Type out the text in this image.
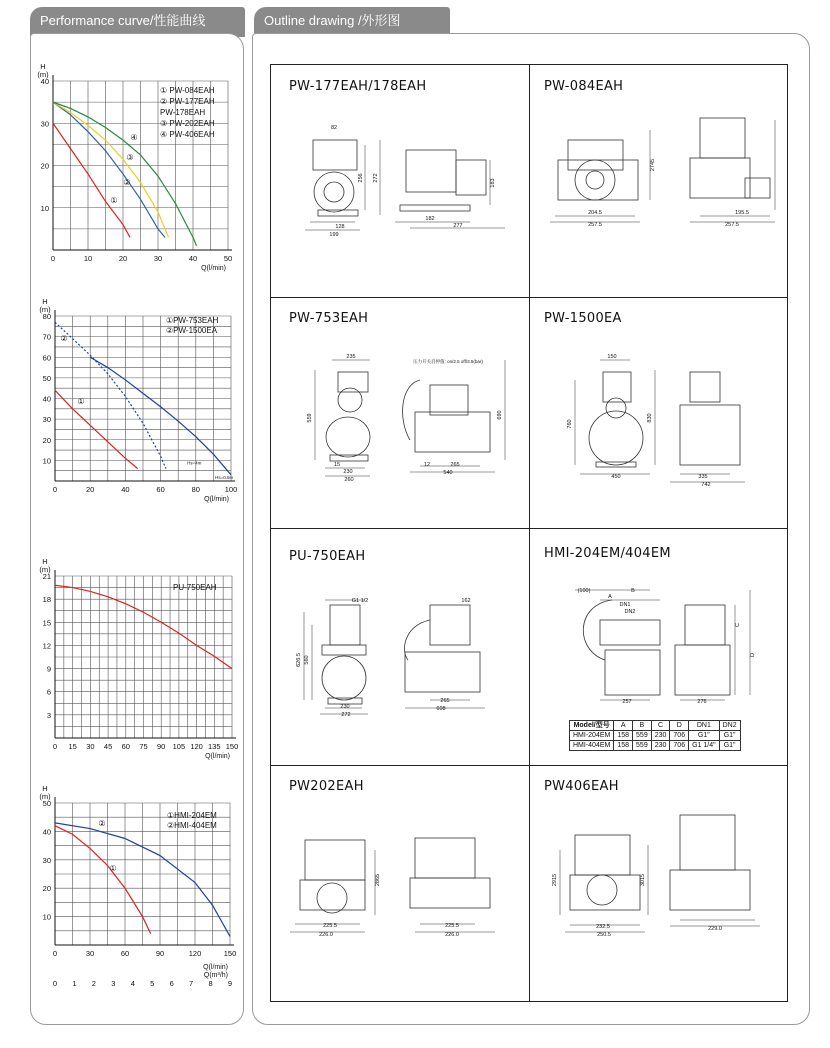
Performance curve/性能曲线	Outline drawing /外形图
0	10	20	30	40	50
10
20
30
40
H
(m)
Q(l/min)
① PW-084EAH
② PW-177EAH
PW-178EAH
③ PW-202EAH
④ PW-406EAH
0	20	40	60	80	100
10
20
30
40
50
60
70
80
H
(m)
Q(l/min)
①PW-753EAH
②PW-1500EA
Hs=4m
Hs=0.5m
0 15 30 45 60 75 90 105 120 135 150
3
6
9
12
15
18
21
H
(m)
Q(l/min)
PU-750EAH
0	30	60	90	120	150
10
20
30
40
50
H
(m)
Q(l/min)
0 1 2 3 4 5 6 7 8 9
Q(m³/h)
①HMI-204EM
②HMI-404EM
①
②
③
④
①
②
①
②
PW-177EAH/178EAH	PW-084EAH
PW-753EAH	PW-1500EA
PU-750EAH	HMI-204EM/404EM
PW202EAH	PW406EAH
82
256 272
183
128
199
182
277
204.5
257.5
195.5
257.5
2745
235
559	690
15
230
260
12	265
540
压力开关启停值: on/2.5 off/3.5(bar)
150
760
830
450	335
742
G1 1/2	162
626.5 560
230
272
265
608
(100)
A
B
DN1
DN2
C
D
257	276
225.5
226.0
2865
225.5
226.0
2915	3015
232.5
250.5
229.0
Model/型号	A	B	C	D	DN1	DN2
HMI-204EM	158	559	230	706	G1"	G1"
HMI-404EM	158	559	230	706	G1 1/4"	G1"
